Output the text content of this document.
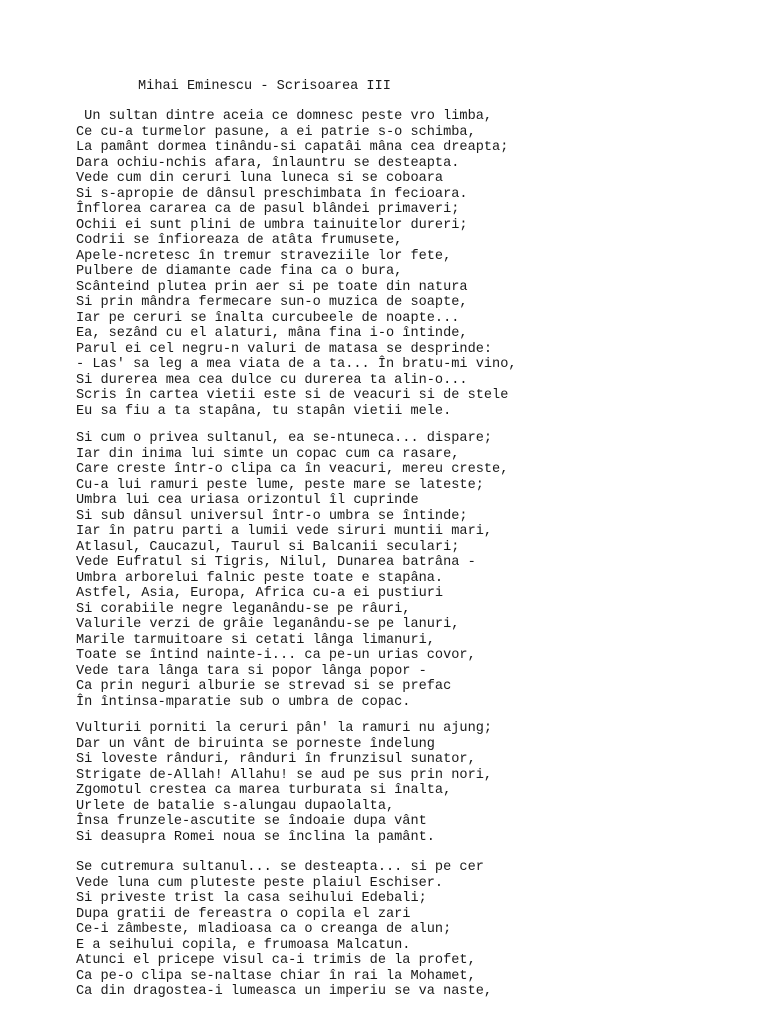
Mihai Eminescu - Scrisoarea III
Un sultan dintre aceia ce domnesc peste vro limba,
Ce cu-a turmelor pasune, a ei patrie s-o schimba,
La pamânt dormea tinându-si capatâi mâna cea dreapta;
Dara ochiu-nchis afara, înlauntru se desteapta.
Vede cum din ceruri luna luneca si se coboara
Si s-apropie de dânsul preschimbata în fecioara.
Înflorea cararea ca de pasul blândei primaveri;
Ochii ei sunt plini de umbra tainuitelor dureri;
Codrii se înfioreaza de atâta frumusete,
Apele-ncretesc în tremur straveziile lor fete,
Pulbere de diamante cade fina ca o bura,
Scânteind plutea prin aer si pe toate din natura
Si prin mândra fermecare sun-o muzica de soapte,
Iar pe ceruri se înalta curcubeele de noapte...
Ea, sezând cu el alaturi, mâna fina i-o întinde,
Parul ei cel negru-n valuri de matasa se desprinde:
- Las' sa leg a mea viata de a ta... În bratu-mi vino,
Si durerea mea cea dulce cu durerea ta alin-o...
Scris în cartea vietii este si de veacuri si de stele
Eu sa fiu a ta stapâna, tu stapân vietii mele.
Si cum o privea sultanul, ea se-ntuneca... dispare;
Iar din inima lui simte un copac cum ca rasare,
Care creste într-o clipa ca în veacuri, mereu creste,
Cu-a lui ramuri peste lume, peste mare se lateste;
Umbra lui cea uriasa orizontul îl cuprinde
Si sub dânsul universul într-o umbra se întinde;
Iar în patru parti a lumii vede siruri muntii mari,
Atlasul, Caucazul, Taurul si Balcanii seculari;
Vede Eufratul si Tigris, Nilul, Dunarea batrâna -
Umbra arborelui falnic peste toate e stapâna.
Astfel, Asia, Europa, Africa cu-a ei pustiuri
Si corabiile negre leganându-se pe râuri,
Valurile verzi de grâie leganându-se pe lanuri,
Marile tarmuitoare si cetati lânga limanuri,
Toate se întind nainte-i... ca pe-un urias covor,
Vede tara lânga tara si popor lânga popor -
Ca prin neguri alburie se strevad si se prefac
În întinsa-mparatie sub o umbra de copac.
Vulturii porniti la ceruri pân' la ramuri nu ajung;
Dar un vânt de biruinta se porneste îndelung
Si loveste rânduri, rânduri în frunzisul sunator,
Strigate de-Allah! Allahu! se aud pe sus prin nori,
Zgomotul crestea ca marea turburata si înalta,
Urlete de batalie s-alungau dupaolalta,
Însa frunzele-ascutite se îndoaie dupa vânt
Si deasupra Romei noua se înclina la pamânt.
Se cutremura sultanul... se desteapta... si pe cer
Vede luna cum pluteste peste plaiul Eschiser.
Si priveste trist la casa seihului Edebali;
Dupa gratii de fereastra o copila el zari
Ce-i zâmbeste, mladioasa ca o creanga de alun;
E a seihului copila, e frumoasa Malcatun.
Atunci el pricepe visul ca-i trimis de la profet,
Ca pe-o clipa se-naltase chiar în rai la Mohamet,
Ca din dragostea-i lumeasca un imperiu se va naste,
